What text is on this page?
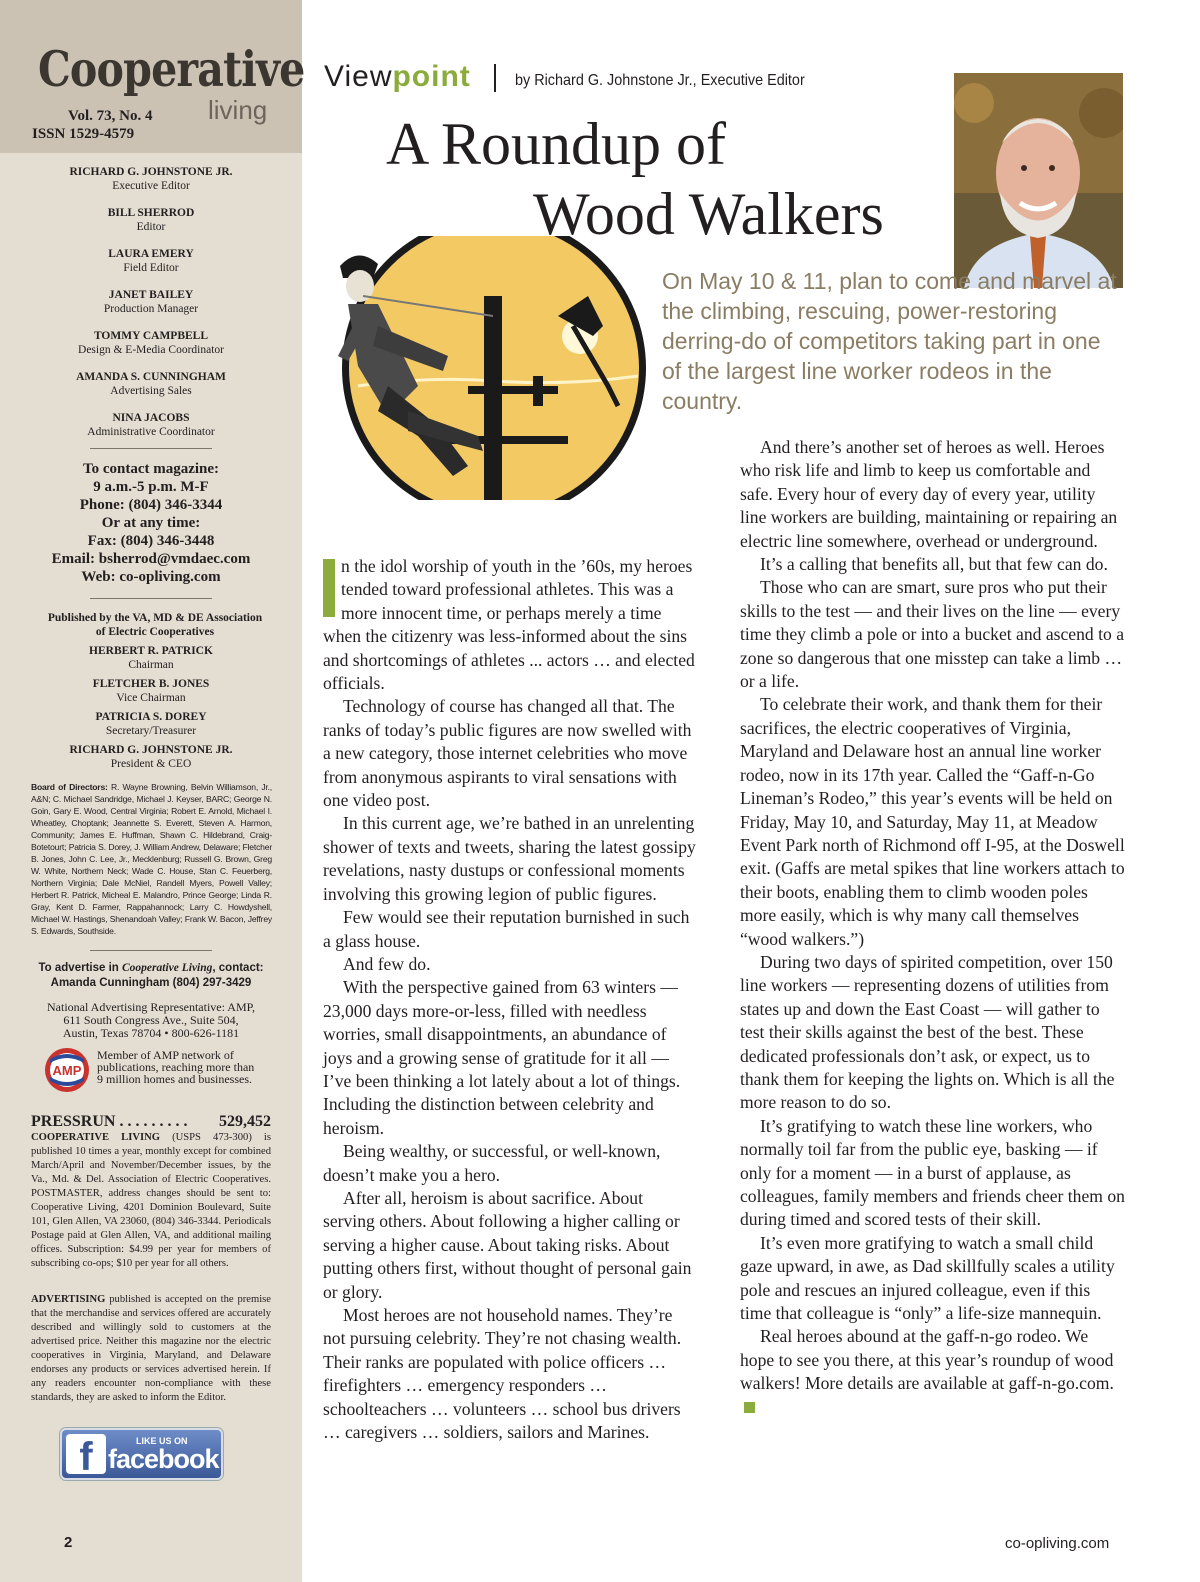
Cooperative
living
Vol. 73, No. 4
ISSN 1529-4579
RICHARD G. JOHNSTONE JR.
Executive Editor
BILL SHERROD
Editor
LAURA EMERY
Field Editor
JANET BAILEY
Production Manager
TOMMY CAMPBELL
Design & E-Media Coordinator
AMANDA S. CUNNINGHAM
Advertising Sales
NINA JACOBS
Administrative Coordinator
To contact magazine:
9 a.m.-5 p.m. M-F
Phone: (804) 346-3344
Or at any time:
Fax: (804) 346-3448
Email: bsherrod@vmdaec.com
Web: co-opliving.com
Published by the VA, MD & DE Association
of Electric Cooperatives
HERBERT R. PATRICK
Chairman
FLETCHER B. JONES
Vice Chairman
PATRICIA S. DOREY
Secretary/Treasurer
RICHARD G. JOHNSTONE JR.
President & CEO
Board of Directors: R. Wayne Browning, Belvin Williamson, Jr., A&N; C. Michael Sandridge, Michael J. Keyser, BARC; George N. Goin, Gary E. Wood, Central Virginia; Robert E. Arnold, Michael I. Wheatley, Choptank; Jeannette S. Everett, Steven A. Harmon, Community; James E. Huffman, Shawn C. Hildebrand, Craig-Botetourt; Patricia S. Dorey, J. William Andrew, Delaware; Fletcher B. Jones, John C. Lee, Jr., Mecklenburg; Russell G. Brown, Greg W. White, Northern Neck; Wade C. House, Stan C. Feuerberg, Northern Virginia; Dale McNiel, Randell Myers, Powell Valley; Herbert R. Patrick, Micheal E. Malandro, Prince George; Linda R. Gray, Kent D. Farmer, Rappahannock; Larry C. Howdyshell, Michael W. Hastings, Shenandoah Valley; Frank W. Bacon, Jeffrey S. Edwards, Southside.
To advertise in Cooperative Living, contact:
Amanda Cunningham (804) 297-3429
National Advertising Representative: AMP,
611 South Congress Ave., Suite 504,
Austin, Texas 78704 • 800-626-1181
AMP
Member of AMP network of
publications, reaching more than
9 million homes and businesses.
PRESSRUN . . . . . . . . . 529,452
COOPERATIVE LIVING (USPS 473-300) is published 10 times a year, monthly except for combined March/April and November/December issues, by the Va., Md. & Del. Association of Electric Cooperatives. POSTMASTER, address changes should be sent to: Cooperative Living, 4201 Dominion Boulevard, Suite 101, Glen Allen, VA 23060, (804) 346-3344. Periodicals Postage paid at Glen Allen, VA, and additional mailing offices. Subscription: $4.99 per year for members of subscribing co-ops; $10 per year for all others.
ADVERTISING published is accepted on the premise that the merchandise and services offered are accurately described and willingly sold to customers at the advertised price. Neither this magazine nor the electric cooperatives in Virginia, Maryland, and Delaware endorses any products or services advertised herein. If any readers encounter non-compliance with these standards, they are asked to inform the Editor.
f	LIKE US ON
facebook
2
Viewpoint	by Richard G. Johnstone Jr., Executive Editor
A Roundup of
Wood Walkers
On May 10 & 11, plan to come and marvel at the climbing, rescuing, power-restoring derring-do of competitors taking part in one of the largest line worker rodeos in the country.

n the idol worship of youth in the ’60s, my heroes tended toward professional athletes. This was a more innocent time, or perhaps merely a time when the citizenry was less-informed about the sins and shortcomings of athletes ... actors … and elected officials.

Technology of course has changed all that. The ranks of today’s public figures are now swelled with a new category, those internet celebrities who move from anonymous aspirants to viral sensations with one video post.

In this current age, we’re bathed in an unrelenting shower of texts and tweets, sharing the latest gossipy revelations, nasty dustups or confessional moments involving this growing legion of public figures.

Few would see their reputation burnished in such a glass house.

And few do.

With the perspective gained from 63 winters — 23,000 days more-or-less, filled with needless worries, small disappointments, an abundance of joys and a growing sense of gratitude for it all — I’ve been thinking a lot lately about a lot of things. Including the distinction between celebrity and heroism.

Being wealthy, or successful, or well-known, doesn’t make you a hero.

After all, heroism is about sacrifice. About serving others. About following a higher calling or serving a higher cause. About taking risks. About putting others first, without thought of personal gain or glory.

Most heroes are not household names. They’re not pursuing celebrity. They’re not chasing wealth. Their ranks are populated with police officers … firefighters … emergency responders … schoolteachers … volunteers … school bus drivers … caregivers … soldiers, sailors and Marines.

And there’s another set of heroes as well. Heroes who risk life and limb to keep us comfortable and safe. Every hour of every day of every year, utility line workers are building, maintaining or repairing an electric line somewhere, overhead or underground.

It’s a calling that benefits all, but that few can do.

Those who can are smart, sure pros who put their skills to the test — and their lives on the line — every time they climb a pole or into a bucket and ascend to a zone so dangerous that one misstep can take a limb … or a life.

To celebrate their work, and thank them for their sacrifices, the electric cooperatives of Virginia, Maryland and Delaware host an annual line worker rodeo, now in its 17th year. Called the “Gaff-n-Go Lineman’s Rodeo,” this year’s events will be held on Friday, May 10, and Saturday, May 11, at Meadow Event Park north of Richmond off I-95, at the Doswell exit. (Gaffs are metal spikes that line workers attach to their boots, enabling them to climb wooden poles more easily, which is why many call themselves “wood walkers.”)

During two days of spirited competition, over 150 line workers — representing dozens of utilities from states up and down the East Coast — will gather to test their skills against the best of the best. These dedicated professionals don’t ask, or expect, us to thank them for keeping the lights on. Which is all the more reason to do so.

It’s gratifying to watch these line workers, who normally toil far from the public eye, basking — if only for a moment — in a burst of applause, as colleagues, family members and friends cheer them on during timed and scored tests of their skill.

It’s even more gratifying to watch a small child gaze upward, in awe, as Dad skillfully scales a utility pole and rescues an injured colleague, even if this time that colleague is “only” a life-size mannequin.

Real heroes abound at the gaff-n-go rodeo. We hope to see you there, at this year’s roundup of wood walkers! More details are available at gaff-n-go.com.

co-opliving.com
